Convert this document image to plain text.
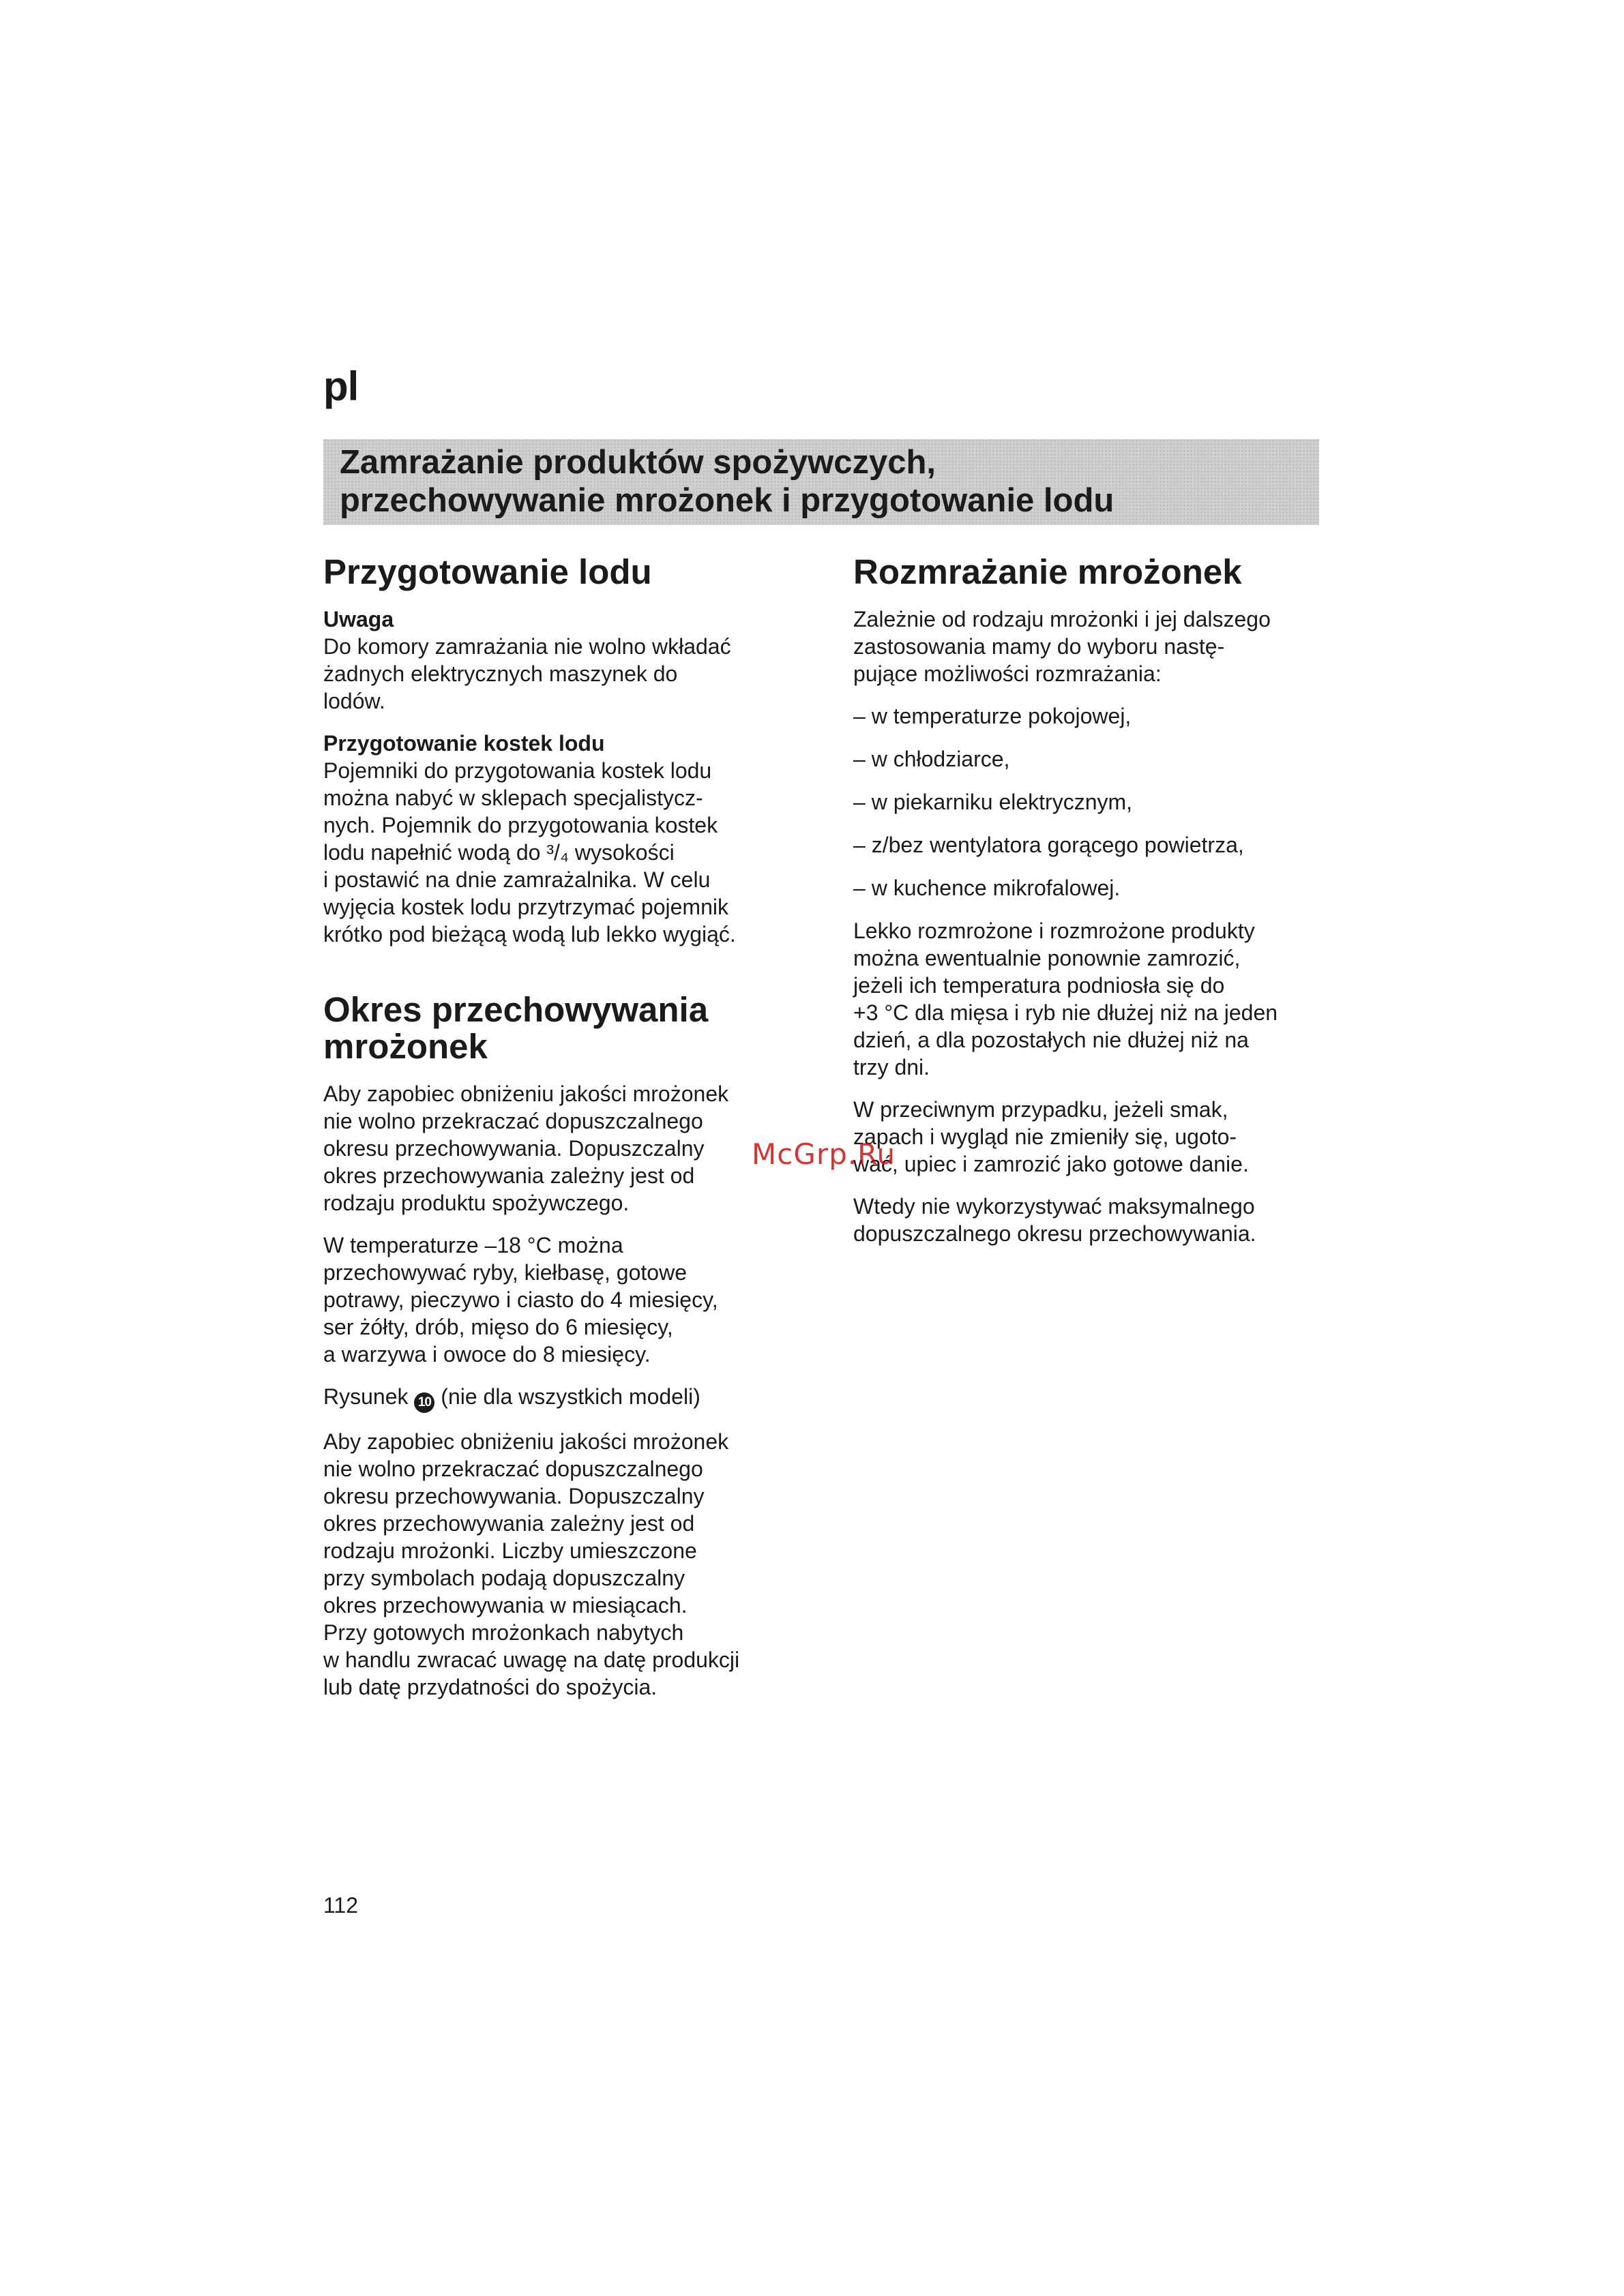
pl
Zamrażanie produktów spożywczych,
przechowywanie mrożonek i przygotowanie lodu
Przygotowanie lodu
Uwaga

Do komory zamrażania nie wolno wkładać
żadnych elektrycznych maszynek do
lodów.

Przygotowanie kostek lodu

Pojemniki do przygotowania kostek lodu
można nabyć w sklepach specjalistycz-
nych. Pojemnik do przygotowania kostek
lodu napełnić wodą do ³/₄ wysokości
i postawić na dnie zamrażalnika. W celu
wyjęcia kostek lodu przytrzymać pojemnik
krótko pod bieżącą wodą lub lekko wygiąć.

Okres przechowywania
mrożonek

Aby zapobiec obniżeniu jakości mrożonek
nie wolno przekraczać dopuszczalnego
okresu przechowywania. Dopuszczalny
okres przechowywania zależny jest od
rodzaju produktu spożywczego.

W temperaturze –18 °C można
przechowywać ryby, kiełbasę, gotowe
potrawy, pieczywo i ciasto do 4 miesięcy,
ser żółty, drób, mięso do 6 miesięcy,
a warzywa i owoce do 8 miesięcy.

Rysunek 10 (nie dla wszystkich modeli)

Aby zapobiec obniżeniu jakości mrożonek
nie wolno przekraczać dopuszczalnego
okresu przechowywania. Dopuszczalny
okres przechowywania zależny jest od
rodzaju mrożonki. Liczby umieszczone
przy symbolach podają dopuszczalny
okres przechowywania w miesiącach.
Przy gotowych mrożonkach nabytych
w handlu zwracać uwagę na datę produkcji
lub datę przydatności do spożycia.

Rozmrażanie mrożonek

Zależnie od rodzaju mrożonki i jej dalszego
zastosowania mamy do wyboru nastę-
pujące możliwości rozmrażania:

– w temperaturze pokojowej,

– w chłodziarce,

– w piekarniku elektrycznym,

– z/bez wentylatora gorącego powietrza,

– w kuchence mikrofalowej.

Lekko rozmrożone i rozmrożone produkty
można ewentualnie ponownie zamrozić,
jeżeli ich temperatura podniosła się do
+3 °C dla mięsa i ryb nie dłużej niż na jeden
dzień, a dla pozostałych nie dłużej niż na
trzy dni.

W przeciwnym przypadku, jeżeli smak,
zapach i wygląd nie zmieniły się, ugoto-
wać, upiec i zamrozić jako gotowe danie.

Wtedy nie wykorzystywać maksymalnego
dopuszczalnego okresu przechowywania.

McGrp.Ru
112
